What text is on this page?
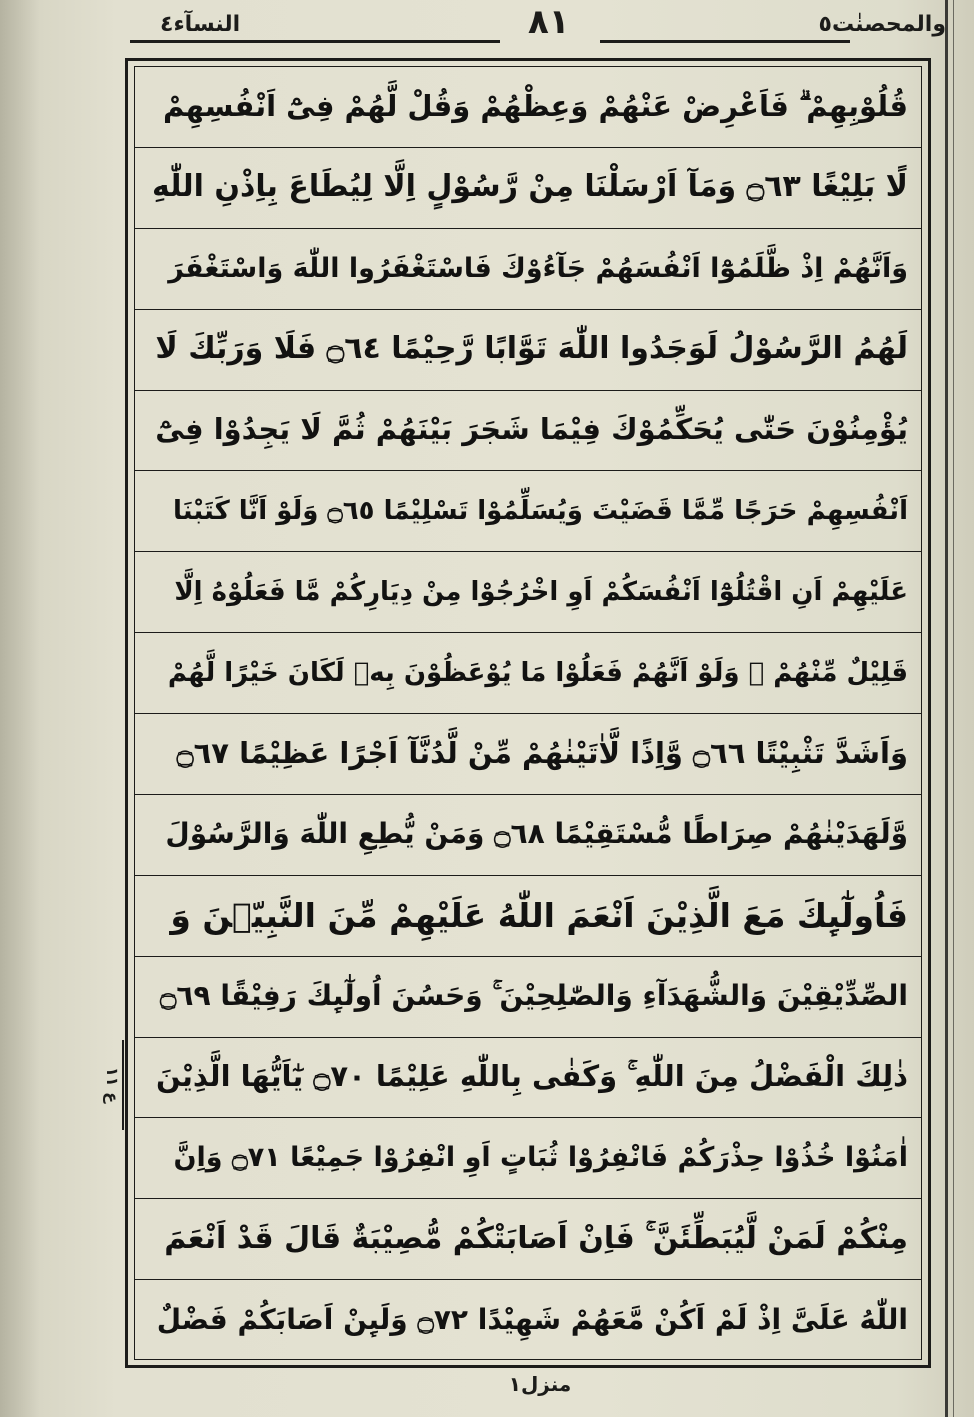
والمحصنٰت٥
٨١
النسآء٤
قُلُوْبِهِمْ ۗ فَاَعْرِضْ عَنْهُمْ وَعِظْهُمْ وَقُلْ لَّهُمْ فِیْٓ اَنْفُسِهِمْ
لًا بَلِیْغًا ۝٦٣ وَمَآ اَرْسَلْنَا مِنْ رَّسُوْلٍ اِلَّا لِیُطَاعَ بِاِذْنِ اللّٰهِ
وَاَنَّهُمْ اِذْ ظَّلَمُوْٓا اَنْفُسَهُمْ جَآءُوْكَ فَاسْتَغْفَرُوا اللّٰهَ وَاسْتَغْفَرَ
لَهُمُ الرَّسُوْلُ لَوَجَدُوا اللّٰهَ تَوَّابًا رَّحِیْمًا ۝٦٤ فَلَا وَرَبِّكَ لَا
یُؤْمِنُوْنَ حَتّٰى یُحَكِّمُوْكَ فِیْمَا شَجَرَ بَیْنَهُمْ ثُمَّ لَا یَجِدُوْا فِیْٓ
اَنْفُسِهِمْ حَرَجًا مِّمَّا قَضَیْتَ وَیُسَلِّمُوْا تَسْلِیْمًا ۝٦٥ وَلَوْ اَنَّا كَتَبْنَا
عَلَیْهِمْ اَنِ اقْتُلُوْٓا اَنْفُسَكُمْ اَوِ اخْرُجُوْا مِنْ دِیَارِكُمْ مَّا فَعَلُوْهُ اِلَّا
قَلِیْلٌ مِّنْهُمْ ۗ وَلَوْ اَنَّهُمْ فَعَلُوْا مَا یُوْعَظُوْنَ بِهٖ لَكَانَ خَیْرًا لَّهُمْ
وَاَشَدَّ تَثْبِیْتًا ۝٦٦ وَّاِذًا لَّاٰتَیْنٰهُمْ مِّنْ لَّدُنَّآ اَجْرًا عَظِیْمًا ۝٦٧
وَّلَهَدَیْنٰهُمْ صِرَاطًا مُّسْتَقِیْمًا ۝٦٨ وَمَنْ یُّطِعِ اللّٰهَ وَالرَّسُوْلَ
فَاُولٰٓىِٕكَ مَعَ الَّذِیْنَ اَنْعَمَ اللّٰهُ عَلَیْهِمْ مِّنَ النَّبِیّٖنَ وَ
الصِّدِّیْقِیْنَ وَالشُّهَدَآءِ وَالصّٰلِحِیْنَ ۚ وَحَسُنَ اُولٰٓىِٕكَ رَفِیْقًا ۝٦٩
ذٰلِكَ الْفَضْلُ مِنَ اللّٰهِ ۚ وَكَفٰى بِاللّٰهِ عَلِیْمًا ۝٧٠ یٰٓاَیُّهَا الَّذِیْنَ
اٰمَنُوْا خُذُوْا حِذْرَكُمْ فَانْفِرُوْا ثُبَاتٍ اَوِ انْفِرُوْا جَمِیْعًا ۝٧١ وَاِنَّ
مِنْكُمْ لَمَنْ لَّیُبَطِّئَنَّ ۚ فَاِنْ اَصَابَتْكُمْ مُّصِیْبَةٌ قَالَ قَدْ اَنْعَمَ
اللّٰهُ عَلَیَّ اِذْ لَمْ اَكُنْ مَّعَهُمْ شَهِیْدًا ۝٧٢ وَلَىِٕنْ اَصَابَكُمْ فَضْلٌ
ع ١١
منزل١
